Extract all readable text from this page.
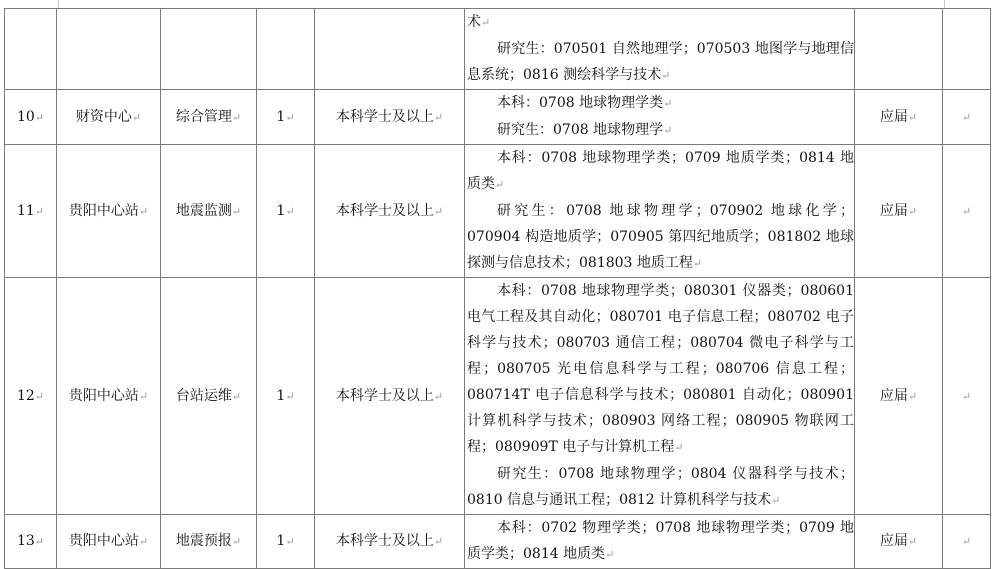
					术↵
研究生：070501 自然地理学；070503 地图学与地理信息系统；0816 测绘科学与技术↵		

10↵	财资中心↵	综合管理↵	1↵	本科学士及以上↵	本科：0708 地球物理学类↵
研究生：0708 地球物理学↵	应届↵	↵
11↵	贵阳中心站↵	地震监测↵	1↵	本科学士及以上↵	本科：0708 地球物理学类；0709 地质学类；0814 地质类↵
研究生：0708 地球物理学；070902 地球化学；070904 构造地质学；070905 第四纪地质学；081802 地球探测与信息技术；081803 地质工程↵	应届↵	↵
12↵	贵阳中心站↵	台站运维↵	1↵	本科学士及以上↵	本科：0708 地球物理学类；080301 仪器类；080601 电气工程及其自动化；080701 电子信息工程；080702 电子科学与技术；080703 通信工程；080704 微电子科学与工程；080705 光电信息科学与工程；080706 信息工程；080714T 电子信息科学与技术；080801 自动化；080901 计算机科学与技术；080903 网络工程；080905 物联网工程；080909T 电子与计算机工程↵
研究生：0708 地球物理学；0804 仪器科学与技术；0810 信息与通讯工程；0812 计算机科学与技术↵	应届↵	↵
13↵	贵阳中心站↵	地震预报↵	1↵	本科学士及以上↵	本科：0702 物理学类；0708 地球物理学类；0709 地质学类；0814 地质类↵	应届↵	↵
